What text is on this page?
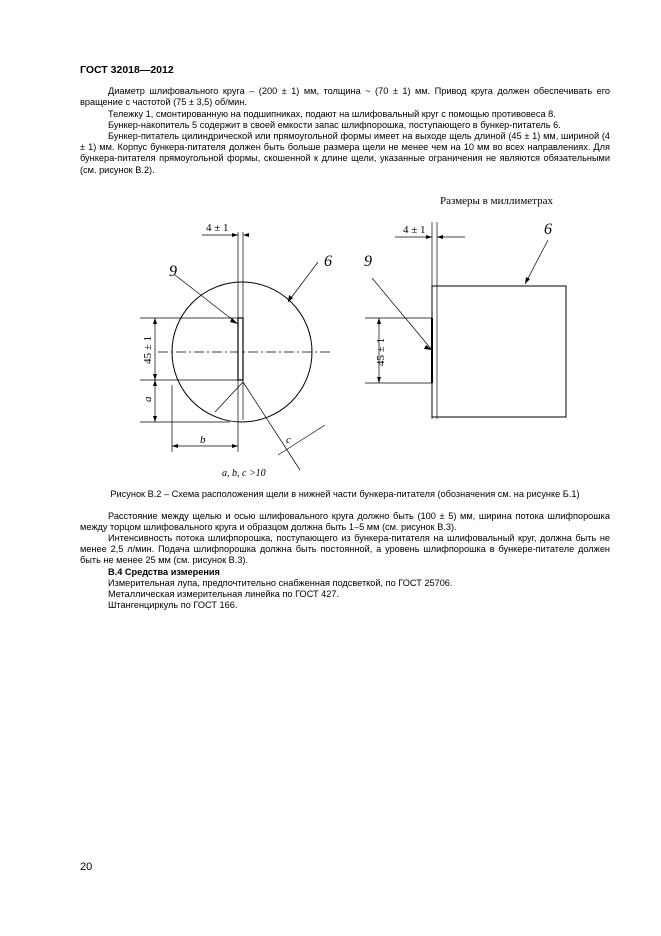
ГОСТ 32018—2012
Диаметр шлифовального круга – (200 ± 1) мм, толщина ~ (70 ± 1) мм. Привод круга должен обеспечивать его вращение с частотой (75 ± 3,5) об/мин.
Тележку 1, смонтированную на подшипниках, подают на шлифовальный круг с помощью противовеса 8.
Бункер-накопитель 5 содержит в своей емкости запас шлифпорошка, поступающего в бункер-питатель 6.
Бункер-питатель цилиндрической или прямоугольной формы имеет на выходе щель длиной (45 ± 1) мм, шириной (4 ± 1) мм. Корпус бункера-питателя должен быть больше размера щели не менее чем на 10 мм во всех направлениях. Для бункера-питателя прямоугольной формы, скошенной к длине щели, указанные ограничения не являются обязательными (см. рисунок В.2).
Размеры в миллиметрах
4 ± 1
45 ± 1
9
6
a
b	c
a, b, c >10
4 ± 1
45 ± 1
9
6
Рисунок В.2 – Схема расположения щели в нижней части бункера-питателя (обозначения см. на рисунке Б.1)
Расстояние между щелью и осью шлифовального круга должно быть (100 ± 5) мм, ширина потока шлифпорошка между торцом шлифовального круга и образцом должна быть 1–5 мм (см. рисунок В.3).
Интенсивность потока шлифпорошка, поступающего из бункера-питателя на шлифовальный круг, должна быть не менее 2,5 л/мин. Подача шлифпорошка должна быть постоянной, а уровень шлифпорошка в бункере-питателе должен быть не менее 25 мм (см. рисунок В.3).
В.4 Средства измерения
Измерительная лупа, предпочтительно снабженная подсветкой, по ГОСТ 25706.
Металлическая измерительная линейка по ГОСТ 427.
Штангенциркуль по ГОСТ 166.
20
